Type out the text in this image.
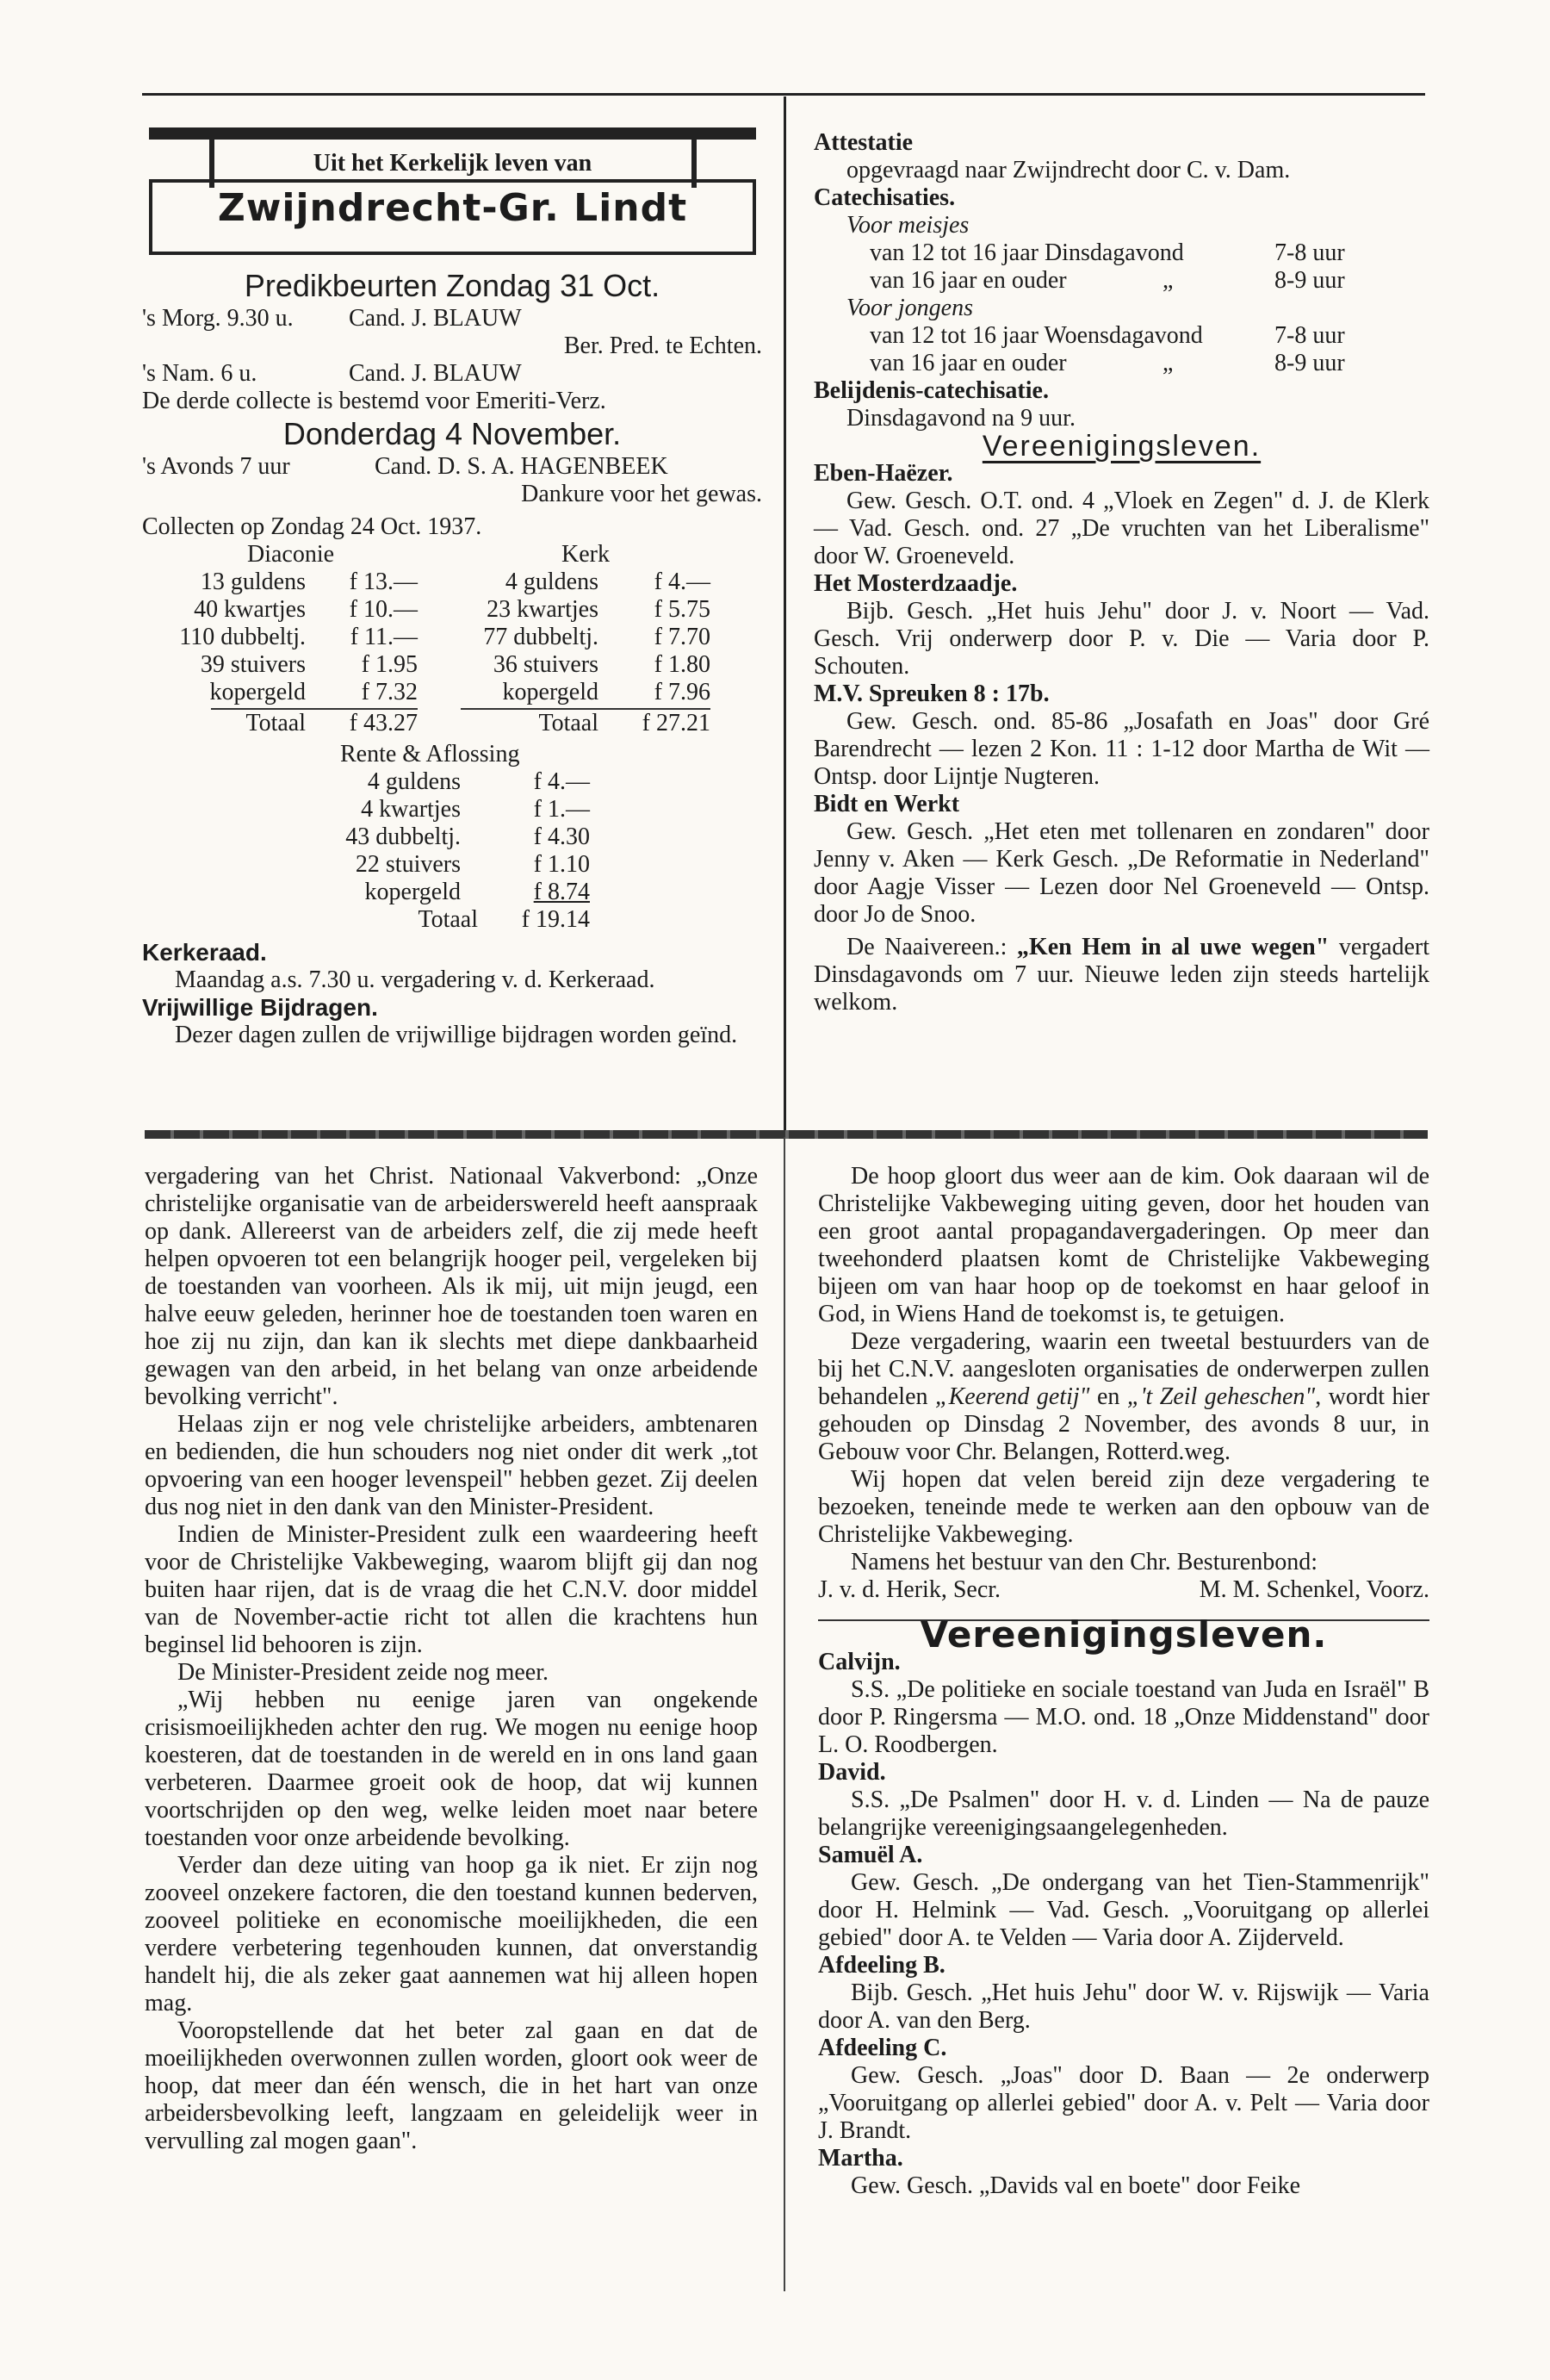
Uit het Kerkelijk leven van
Zwijndrecht-Gr. Lindt

Predikbeurten Zondag 31 Oct.

's Morg. 9.30 u.	Cand. J. BLAUW

Ber. Pred. te Echten.

's Nam. 6 u.	Cand. J. BLAUW

De derde collecte is bestemd voor Emeriti-Verz.

Donderdag 4 November.

's Avonds 7 uur	Cand. D. S. A. HAGENBEEK

Dankure voor het gewas.

Collecten op Zondag 24 Oct. 1937.

Diaconie	Kerk
13 guldens	f 13.—	4 guldens	f 4.—
40 kwartjes	f 10.—	23 kwartjes	f 5.75
110 dubbeltj.	f 11.—	77 dubbeltj.	f 7.70
39 stuivers	f 1.95	36 stuivers	f 1.80
kopergeld	f 7.32	kopergeld	f 7.96
Totaal	f 43.27	Totaal	f 27.21

Rente & Aflossing

4 guldens	f 4.—
4 kwartjes	f 1.—
43 dubbeltj.	f 4.30
22 stuivers	f 1.10
kopergeld	f 8.74
Totaal	f 19.14

Kerkeraad.

Maandag a.s. 7.30 u. vergadering v. d. Kerkeraad.

Vrijwillige Bijdragen.

Dezer dagen zullen de vrijwillige bijdragen worden geïnd.

Attestatie

opgevraagd naar Zwijndrecht door C. v. Dam.

Catechisaties.

Voor meisjes

van 12 tot 16 jaar Dinsdagavond	7-8 uur
van 16 jaar en ouder	„	8-9 uur

Voor jongens

van 12 tot 16 jaar Woensdagavond	7-8 uur
van 16 jaar en ouder	„	8-9 uur

Belijdenis-catechisatie.

Dinsdagavond na 9 uur.

Vereenigingsleven.

Eben-Haëzer.

Gew. Gesch. O.T. ond. 4 „Vloek en Zegen" d. J. de Klerk — Vad. Gesch. ond. 27 „De vruchten van het Liberalisme" door W. Groeneveld.

Het Mosterdzaadje.

Bijb. Gesch. „Het huis Jehu" door J. v. Noort — Vad. Gesch. Vrij onderwerp door P. v. Die — Varia door P. Schouten.

M.V. Spreuken 8 : 17b.

Gew. Gesch. ond. 85-86 „Josafath en Joas" door Gré Barendrecht — lezen 2 Kon. 11 : 1-12 door Martha de Wit — Ontsp. door Lijntje Nugteren.

Bidt en Werkt

Gew. Gesch. „Het eten met tollenaren en zondaren" door Jenny v. Aken — Kerk Gesch. „De Reformatie in Nederland" door Aagje Visser — Lezen door Nel Groeneveld — Ontsp. door Jo de Snoo.

De Naaivereen.: „Ken Hem in al uwe wegen" vergadert Dinsdagavonds om 7 uur. Nieuwe leden zijn steeds hartelijk welkom.

vergadering van het Christ. Nationaal Vakverbond: „Onze christelijke organisatie van de arbeiderswereld heeft aanspraak op dank. Allereerst van de arbeiders zelf, die zij mede heeft helpen opvoeren tot een belangrijk hooger peil, vergeleken bij de toestanden van voorheen. Als ik mij, uit mijn jeugd, een halve eeuw geleden, herinner hoe de toestanden toen waren en hoe zij nu zijn, dan kan ik slechts met diepe dankbaarheid gewagen van den arbeid, in het belang van onze arbeidende bevolking verricht".

Helaas zijn er nog vele christelijke arbeiders, ambtenaren en bedienden, die hun schouders nog niet onder dit werk „tot opvoering van een hooger levenspeil" hebben gezet. Zij deelen dus nog niet in den dank van den Minister-President.

Indien de Minister-President zulk een waardeering heeft voor de Christelijke Vakbeweging, waarom blijft gij dan nog buiten haar rijen, dat is de vraag die het C.N.V. door middel van de November-actie richt tot allen die krachtens hun beginsel lid behooren is zijn.

De Minister-President zeide nog meer.

„Wij hebben nu eenige jaren van ongekende crisismoeilijkheden achter den rug. We mogen nu eenige hoop koesteren, dat de toestanden in de wereld en in ons land gaan verbeteren. Daarmee groeit ook de hoop, dat wij kunnen voortschrijden op den weg, welke leiden moet naar betere toestanden voor onze arbeidende bevolking.

Verder dan deze uiting van hoop ga ik niet. Er zijn nog zooveel onzekere factoren, die den toestand kunnen bederven, zooveel politieke en economische moeilijkheden, die een verdere verbetering tegenhouden kunnen, dat onverstandig handelt hij, die als zeker gaat aannemen wat hij alleen hopen mag.

Vooropstellende dat het beter zal gaan en dat de moeilijkheden overwonnen zullen worden, gloort ook weer de hoop, dat meer dan één wensch, die in het hart van onze arbeidersbevolking leeft, langzaam en geleidelijk weer in vervulling zal mogen gaan".

De hoop gloort dus weer aan de kim. Ook daaraan wil de Christelijke Vakbeweging uiting geven, door het houden van een groot aantal propagandavergaderingen. Op meer dan tweehonderd plaatsen komt de Christelijke Vakbeweging bijeen om van haar hoop op de toekomst en haar geloof in God, in Wiens Hand de toekomst is, te getuigen.

Deze vergadering, waarin een tweetal bestuurders van de bij het C.N.V. aangesloten organisaties de onderwerpen zullen behandelen „Keerend getij" en „'t Zeil geheschen", wordt hier gehouden op Dinsdag 2 November, des avonds 8 uur, in Gebouw voor Chr. Belangen, Rotterd.weg.

Wij hopen dat velen bereid zijn deze vergadering te bezoeken, teneinde mede te werken aan den opbouw van de Christelijke Vakbeweging.

Namens het bestuur van den Chr. Besturenbond:

J. v. d. Herik, Secr.	M. M. Schenkel, Voorz.

Vereenigingsleven.

Calvijn.

S.S. „De politieke en sociale toestand van Juda en Israël" B door P. Ringersma — M.O. ond. 18 „Onze Middenstand" door L. O. Roodbergen.

David.

S.S. „De Psalmen" door H. v. d. Linden — Na de pauze belangrijke vereenigingsaangelegenheden.

Samuël A.

Gew. Gesch. „De ondergang van het Tien-Stammenrijk" door H. Helmink — Vad. Gesch. „Vooruitgang op allerlei gebied" door A. te Velden — Varia door A. Zijderveld.

Afdeeling B.

Bijb. Gesch. „Het huis Jehu" door W. v. Rijswijk — Varia door A. van den Berg.

Afdeeling C.

Gew. Gesch. „Joas" door D. Baan — 2e onderwerp „Vooruitgang op allerlei gebied" door A. v. Pelt — Varia door J. Brandt.

Martha.

Gew. Gesch. „Davids val en boete" door Feike
